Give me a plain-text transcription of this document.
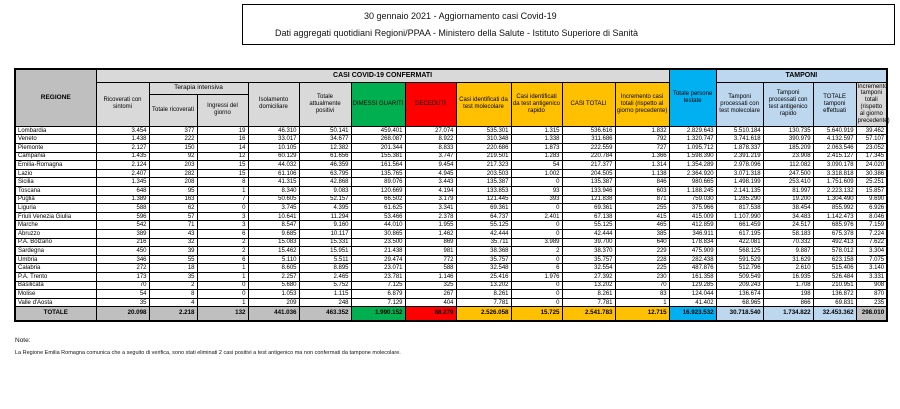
30 gennaio 2021 - Aggiornamento casi Covid-19
Dati aggregati quotidiani Regioni/PPAA - Ministero della Salute - Istituto Superiore di Sanità
REGIONE	CASI COVID-19 CONFERMATI											Totale persone testate	TAMPONI			
	Ricoverati con sintomi	Terapia intensiva		Isolamento domiciliare	Totale attualmente positivi	DIMESSI GUARITI	DECEDUTI	Casi identificati da test molecolare	Casi identificati da test antigenico rapido	CASI TOTALI	Incremento casi totali (rispetto al giorno precedente)		Tamponi processati con test molecolare	Tamponi processati con test antigenico rapido	TOTALE tamponi effettuati	Incremento tamponi totali (rispetto al giorno precedente)
		Totale ricoverati	Ingressi del giorno													
Lombardia	3.454	377	19	46.310	50.141	459.401	27.074	535.301	1.315	536.616	1.832	2.829.643	5.510.184	130.735	5.640.919	39.462
Veneto	1.438	222	16	33.017	34.677	268.087	8.922	310.348	1.338	311.686	792	1.320.747	3.741.618	390.979	4.132.597	57.107
Piemonte	2.127	150	14	10.105	12.382	201.344	8.833	220.686	1.873	222.559	727	1.095.712	1.878.337	185.209	2.063.546	23.052
Campania	1.435	92	12	60.129	61.656	155.381	3.747	219.501	1.283	220.784	1.366	1.598.390	2.391.219	23.908	2.415.127	17.345
Emilia-Romagna	2.124	203	15	44.032	46.359	161.564	9.454	217.323	54	217.377	1.314	1.354.289	2.978.096	112.082	3.090.178	24.020
Lazio	2.407	282	15	61.106	63.795	135.765	4.945	203.503	1.002	204.505	1.138	2.364.920	3.071.318	247.500	3.318.818	30.386
Sicilia	1.345	208	8	41.315	42.868	89.076	3.443	135.387	0	135.387	846	980.665	1.498.199	253.410	1.751.609	25.251
Toscana	648	95	1	8.340	9.083	120.669	4.194	133.853	93	133.946	603	1.188.245	2.141.135	81.997	2.223.132	15.857
Puglia	1.389	163	7	50.605	52.157	66.502	3.179	121.445	393	121.838	871	759.030	1.285.290	19.200	1.304.490	9.690
Liguria	588	62	0	3.745	4.395	61.625	3.341	69.361	0	69.361	255	375.966	817.538	38.454	855.992	6.926
Friuli Venezia Giulia	596	57	3	10.641	11.294	53.466	2.378	64.737	2.401	67.138	415	415.009	1.107.990	34.483	1.142.473	8.046
Marche	542	71	3	8.547	9.160	44.010	1.955	55.125	0	55.125	465	412.859	661.459	24.517	685.976	7.159
Abruzzo	389	43	6	9.685	10.117	30.865	1.462	42.444	0	42.444	385	346.911	617.195	58.183	675.378	7.224
P.A. Bolzano	216	32	2	15.083	15.331	23.500	869	35.711	3.989	39.700	640	178.834	422.081	70.332	492.413	7.622
Sardegna	450	39	2	15.462	15.951	21.438	981	38.368	2	38.370	229	475.909	568.125	9.887	578.012	3.304
Umbria	346	55	6	5.110	5.511	29.474	772	35.757	0	35.757	228	282.438	591.529	31.629	623.158	7.075
Calabria	272	18	1	8.605	8.895	23.071	588	32.548	6	32.554	225	487.876	512.796	2.610	515.406	3.140
P.A. Trento	173	35	1	2.257	2.465	23.781	1.146	25.416	1.976	27.392	230	161.358	509.549	16.935	526.484	3.331
Basilicata	70	2	0	5.680	5.752	7.125	325	13.202	0	13.202	70	129.285	209.243	1.708	210.951	908
Molise	54	8	0	1.053	1.115	6.879	267	8.261	0	8.261	83	124.044	136.674	198	136.872	870
Valle d'Aosta	35	4	1	209	248	7.129	404	7.781	0	7.781	1	41.402	68.965	866	69.831	235
TOTALE	20.098	2.218	132	441.036	463.352	1.990.152	88.279	2.526.058	15.725	2.541.783	12.715	16.923.532	30.718.540	1.734.822	32.453.362	298.010
Note:
La Regione Emilia Romagna comunica che a seguito di verifica, sono stati eliminati 2 casi positivi a test antigenico ma non confermati da tampone molecolare.
